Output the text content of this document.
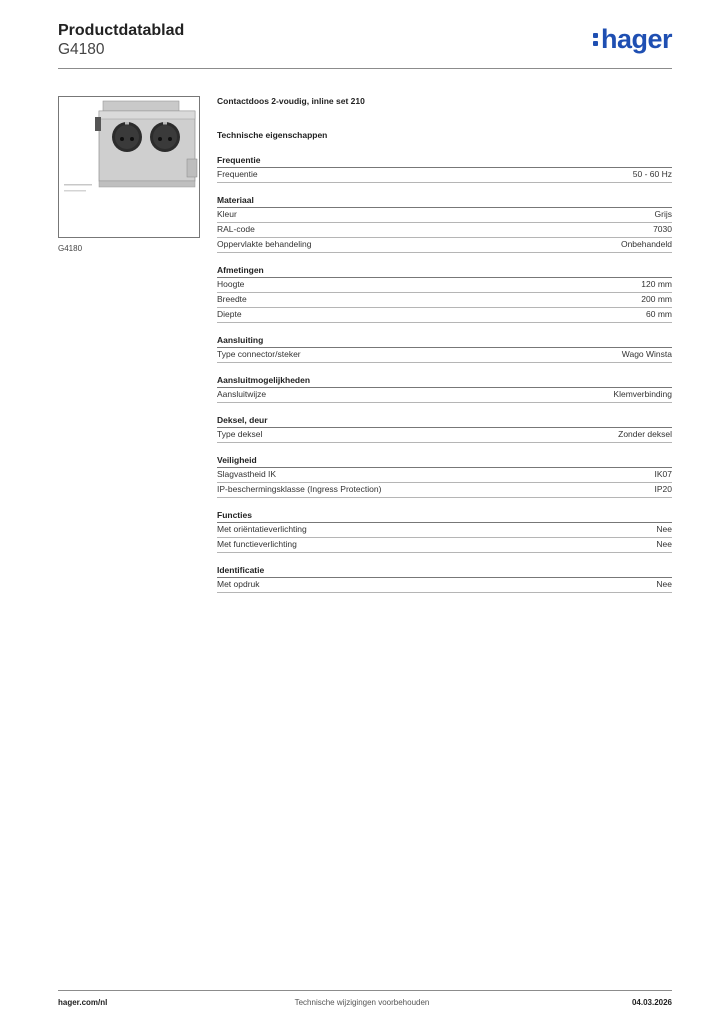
Productdatablad
G4180	hager
G4180
Contactdoos 2-voudig, inline set 210
Technische eigenschappen
Frequentie
Frequentie	50 - 60 Hz
Materiaal
Kleur	Grijs
RAL-code	7030
Oppervlakte behandeling	Onbehandeld
Afmetingen
Hoogte	120 mm
Breedte	200 mm
Diepte	60 mm
Aansluiting
Type connector/steker	Wago Winsta
Aansluitmogelijkheden
Aansluitwijze	Klemverbinding
Deksel, deur
Type deksel	Zonder deksel
Veiligheid
Slagvastheid IK	IK07
IP-beschermingsklasse (Ingress Protection)	IP20
Functies
Met oriëntatieverlichting	Nee
Met functieverlichting	Nee
Identificatie
Met opdruk	Nee
hager.com/nl	Technische wijzigingen voorbehouden	04.03.2026
